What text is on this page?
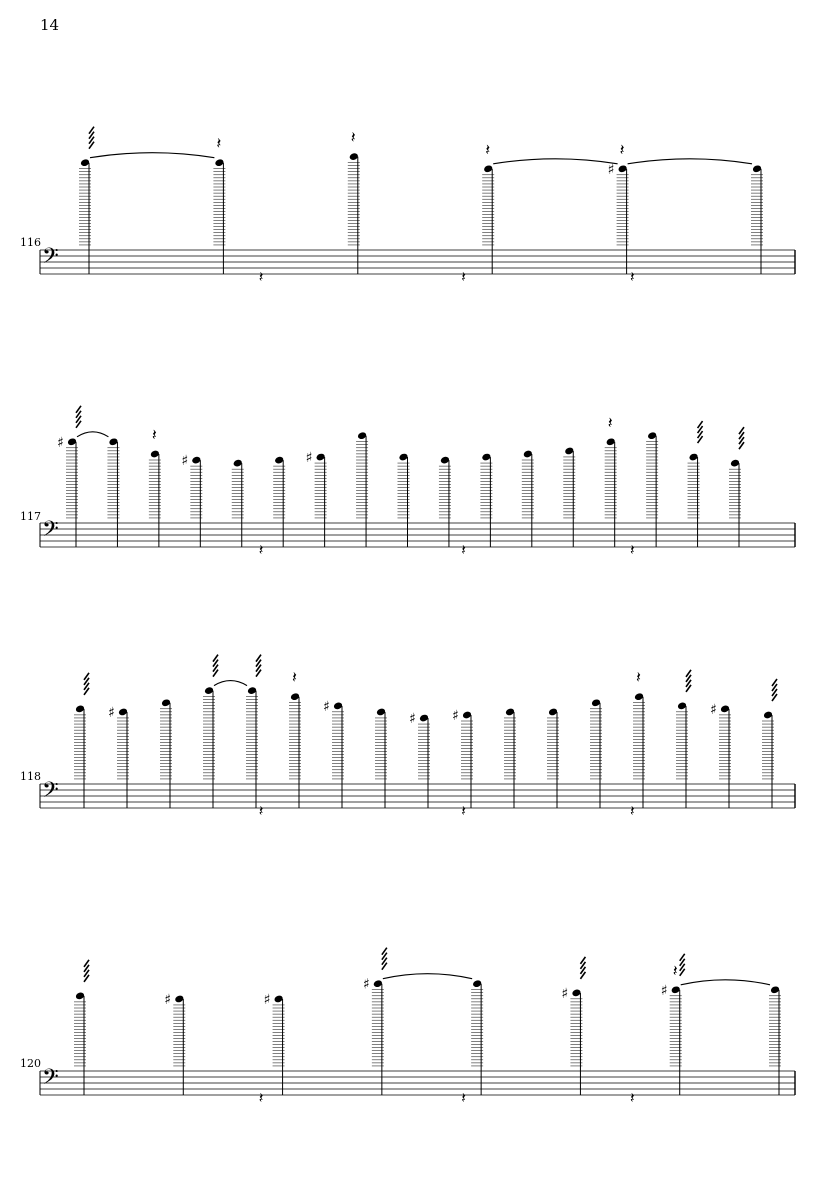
14
116
117
118
120
𝄢
𝄽	𝄽
𝄽
♯
𝄽
𝄽	𝄽	𝄽
𝄢
♯	𝄽
♯	♯
𝄽
𝄽	𝄽	𝄽
𝄢
♯
𝄽
♯
♯	♯
𝄽
♯
𝄽	𝄽	𝄽
𝄢
♯	♯
♯
♯	♯
𝄽
𝄽	𝄽	𝄽
